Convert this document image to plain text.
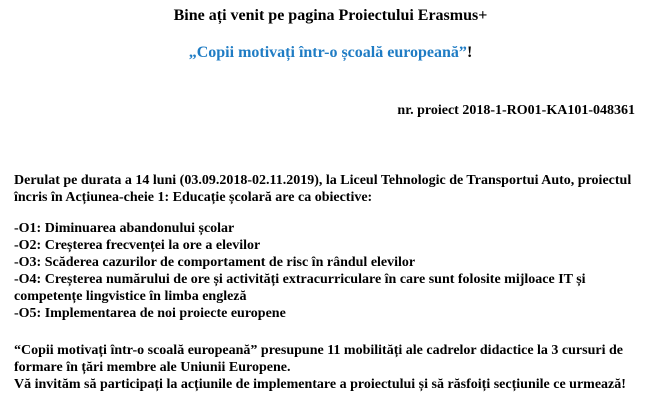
Bine ați venit pe pagina Proiectului Erasmus+
„Copii motivați într-o școală europeană”!
nr. proiect 2018-1-RO01-KA101-048361
Derulat pe durata a 14 luni (03.09.2018-02.11.2019), la Liceul Tehnologic de Transportui Auto, proiectul încris în Acțiunea-cheie 1: Educație școlară are ca obiective:
-O1: Diminuarea abandonului școlar
-O2: Creșterea frecvenței la ore a elevilor
-O3: Scăderea cazurilor de comportament de risc în rândul elevilor
-O4: Creșterea numărului de ore și activități extracurriculare în care sunt folosite mijloace IT și competențe lingvistice în limba engleză
-O5: Implementarea de noi proiecte europene
“Copii motivați într-o scoală europeană” presupune 11 mobilități ale cadrelor didactice la 3 cursuri de formare în țări membre ale Uniunii Europene.
Vă invităm să participați la acțiunile de implementare a proiectului și să răsfoiți secțiunile ce urmează!
